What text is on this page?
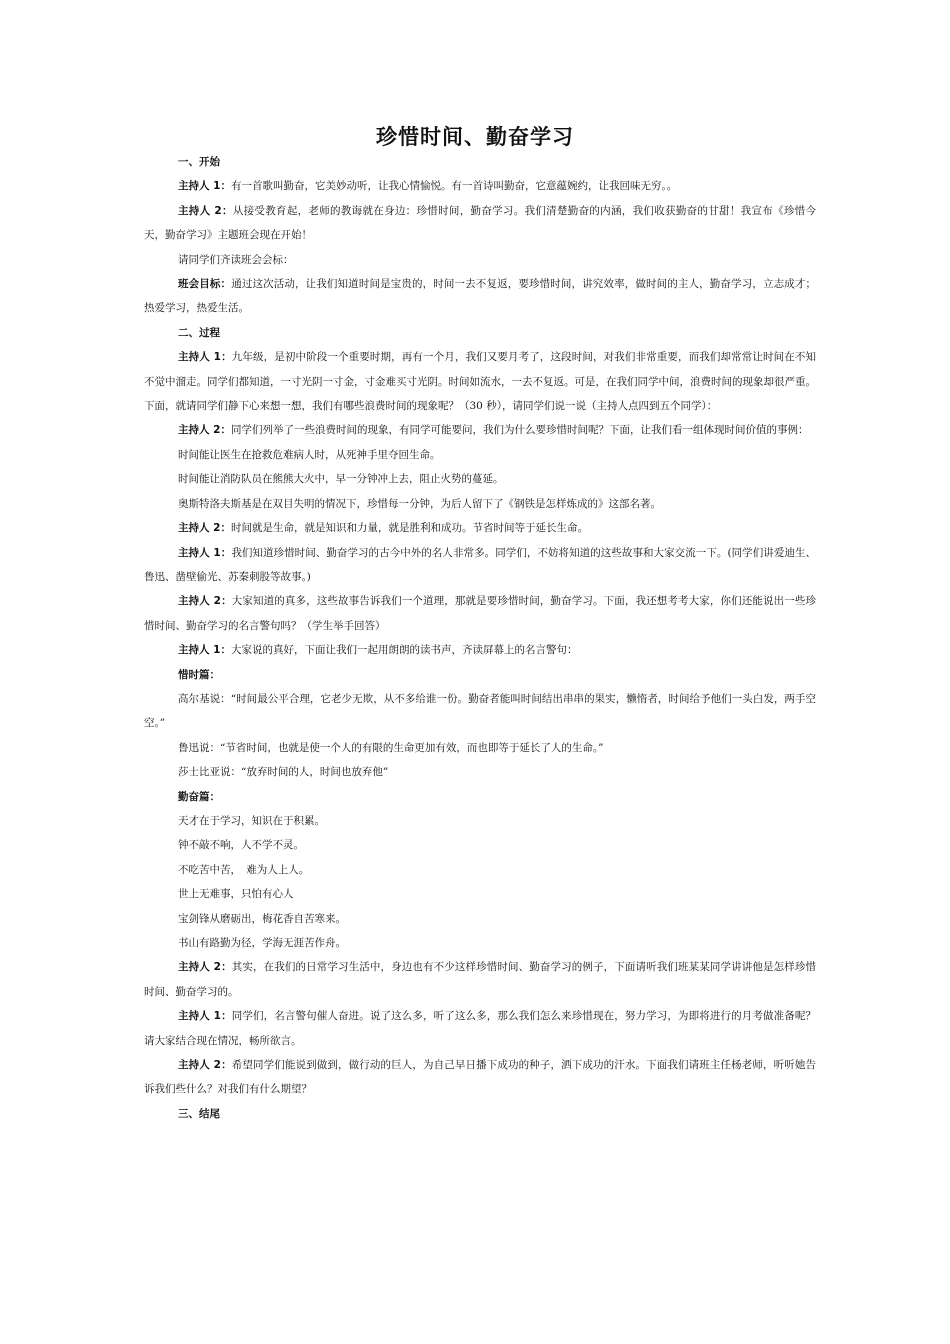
珍惜时间、勤奋学习

一、开始

主持人 1：有一首歌叫勤奋，它美妙动听，让我心情愉悦。有一首诗叫勤奋，它意蕴婉约，让我回味无穷。。

主持人 2：从接受教育起，老师的教诲就在身边：珍惜时间，勤奋学习。我们清楚勤奋的内涵，我们收获勤奋的甘甜！我宣布《珍惜今天，勤奋学习》主题班会现在开始！

请同学们齐读班会会标：

班会目标：通过这次活动，让我们知道时间是宝贵的，时间一去不复返，要珍惜时间，讲究效率，做时间的主人，勤奋学习，立志成才；热爱学习，热爱生活。

二、过程

主持人 1：九年级，是初中阶段一个重要时期，再有一个月，我们又要月考了，这段时间，对我们非常重要，而我们却常常让时间在不知不觉中溜走。同学们都知道，一寸光阴一寸金，寸金难买寸光阴。时间如流水，一去不复返。可是，在我们同学中间，浪费时间的现象却很严重。下面，就请同学们静下心来想一想，我们有哪些浪费时间的现象呢？（30 秒），请同学们说一说（主持人点四到五个同学）：

主持人 2：同学们列举了一些浪费时间的现象，有同学可能要问，我们为什么要珍惜时间呢？下面，让我们看一组体现时间价值的事例：

时间能让医生在抢救危难病人时，从死神手里夺回生命。

时间能让消防队员在熊熊大火中，早一分钟冲上去，阻止火势的蔓延。

奥斯特洛夫斯基是在双目失明的情况下，珍惜每一分钟，为后人留下了《钢铁是怎样炼成的》这部名著。

主持人 2：时间就是生命，就是知识和力量，就是胜利和成功。节省时间等于延长生命。

主持人 1：我们知道珍惜时间、勤奋学习的古今中外的名人非常多。同学们，不妨将知道的这些故事和大家交流一下。(同学们讲爱迪生、鲁迅、凿壁偷光、苏秦刺股等故事。)

主持人 2：大家知道的真多，这些故事告诉我们一个道理，那就是要珍惜时间，勤奋学习。下面，我还想考考大家，你们还能说出一些珍惜时间、勤奋学习的名言警句吗？（学生举手回答）

主持人 1：大家说的真好，下面让我们一起用朗朗的读书声，齐读屏幕上的名言警句：

惜时篇：

高尔基说：“时间最公平合理，它老少无欺，从不多给谁一份。勤奋者能叫时间结出串串的果实，懒惰者，时间给予他们一头白发，两手空空。”

鲁迅说：“节省时间，也就是使一个人的有限的生命更加有效，而也即等于延长了人的生命。”

莎士比亚说：“放弃时间的人，时间也放弃他”

勤奋篇：

天才在于学习，知识在于积累。

钟不敲不响，人不学不灵。

不吃苦中苦，　难为人上人。

世上无难事，只怕有心人

宝剑锋从磨砺出，梅花香自苦寒来。

书山有路勤为径，学海无涯苦作舟。

主持人 2：其实，在我们的日常学习生活中，身边也有不少这样珍惜时间、勤奋学习的例子，下面请听我们班某某同学讲讲他是怎样珍惜时间、勤奋学习的。

主持人 1：同学们，名言警句催人奋进。说了这么多，听了这么多，那么我们怎么来珍惜现在，努力学习，为即将进行的月考做准备呢？请大家结合现在情况，畅所欲言。

主持人 2：希望同学们能说到做到，做行动的巨人，为自己早日播下成功的种子，洒下成功的汗水。下面我们请班主任杨老师，听听她告诉我们些什么？对我们有什么期望？

三、结尾
